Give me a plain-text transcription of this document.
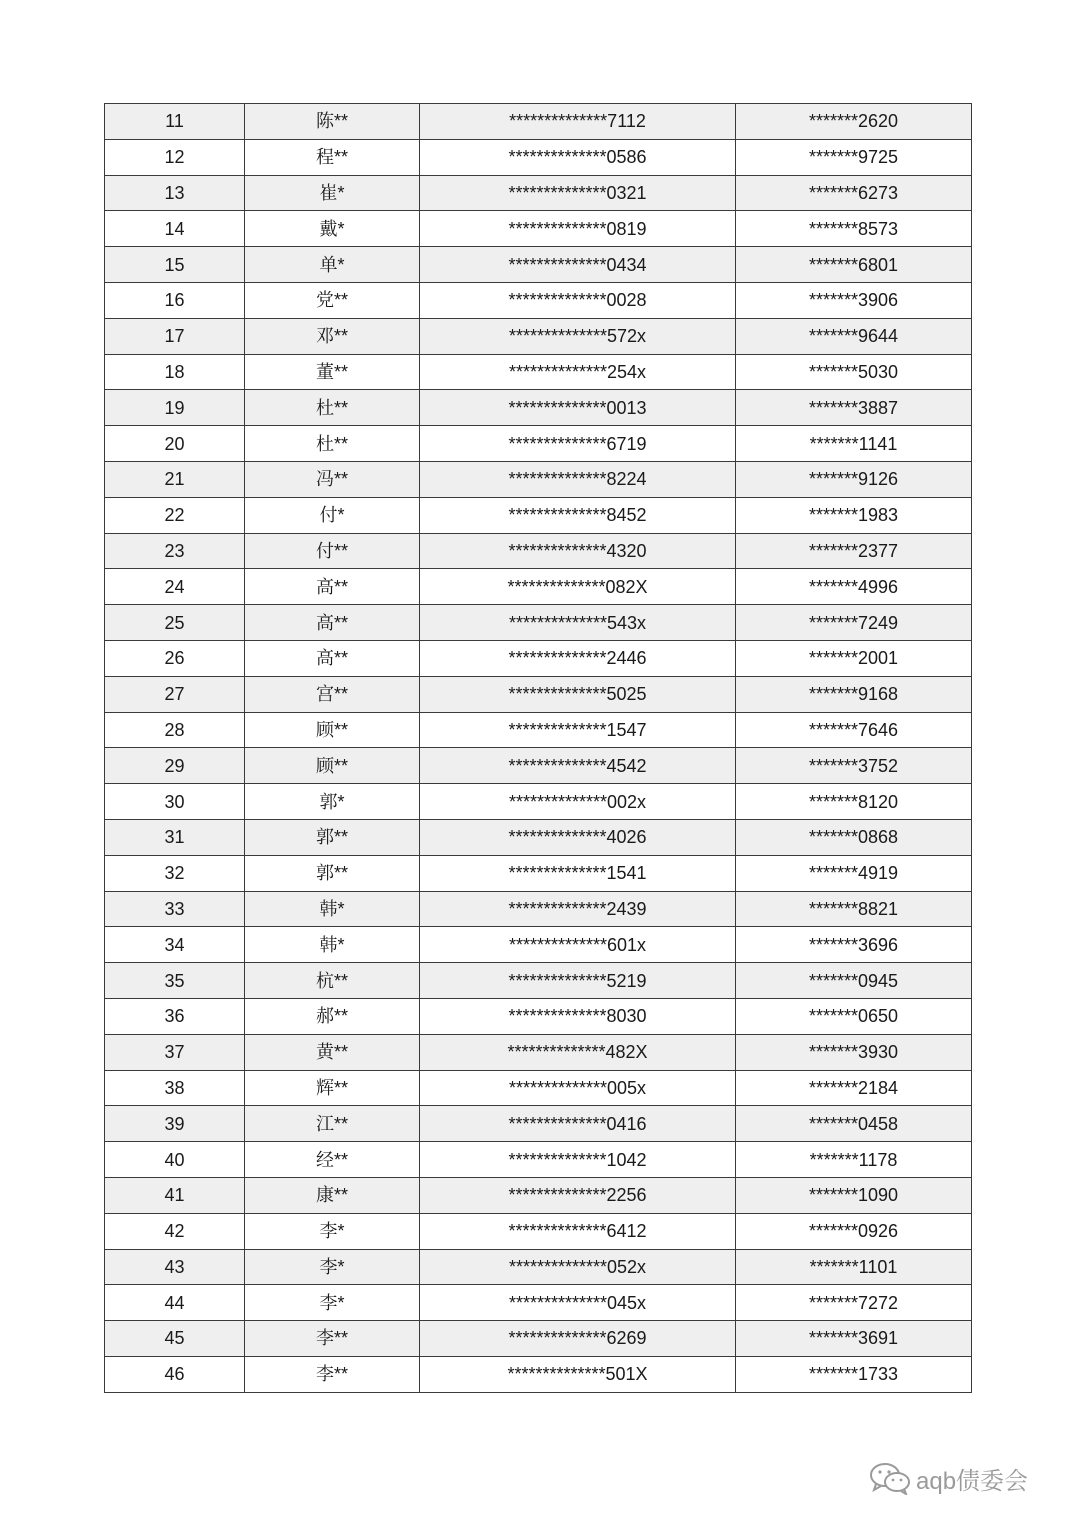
11	陈**	**************7112	*******2620
12	程**	**************0586	*******9725
13	崔*	**************0321	*******6273
14	戴*	**************0819	*******8573
15	单*	**************0434	*******6801
16	党**	**************0028	*******3906
17	邓**	**************572x	*******9644
18	董**	**************254x	*******5030
19	杜**	**************0013	*******3887
20	杜**	**************6719	*******1141
21	冯**	**************8224	*******9126
22	付*	**************8452	*******1983
23	付**	**************4320	*******2377
24	高**	**************082X	*******4996
25	高**	**************543x	*******7249
26	高**	**************2446	*******2001
27	宫**	**************5025	*******9168
28	顾**	**************1547	*******7646
29	顾**	**************4542	*******3752
30	郭*	**************002x	*******8120
31	郭**	**************4026	*******0868
32	郭**	**************1541	*******4919
33	韩*	**************2439	*******8821
34	韩*	**************601x	*******3696
35	杭**	**************5219	*******0945
36	郝**	**************8030	*******0650
37	黄**	**************482X	*******3930
38	辉**	**************005x	*******2184
39	江**	**************0416	*******0458
40	经**	**************1042	*******1178
41	康**	**************2256	*******1090
42	李*	**************6412	*******0926
43	李*	**************052x	*******1101
44	李*	**************045x	*******7272
45	李**	**************6269	*******3691
46	李**	**************501X	*******1733
aqb债委会
